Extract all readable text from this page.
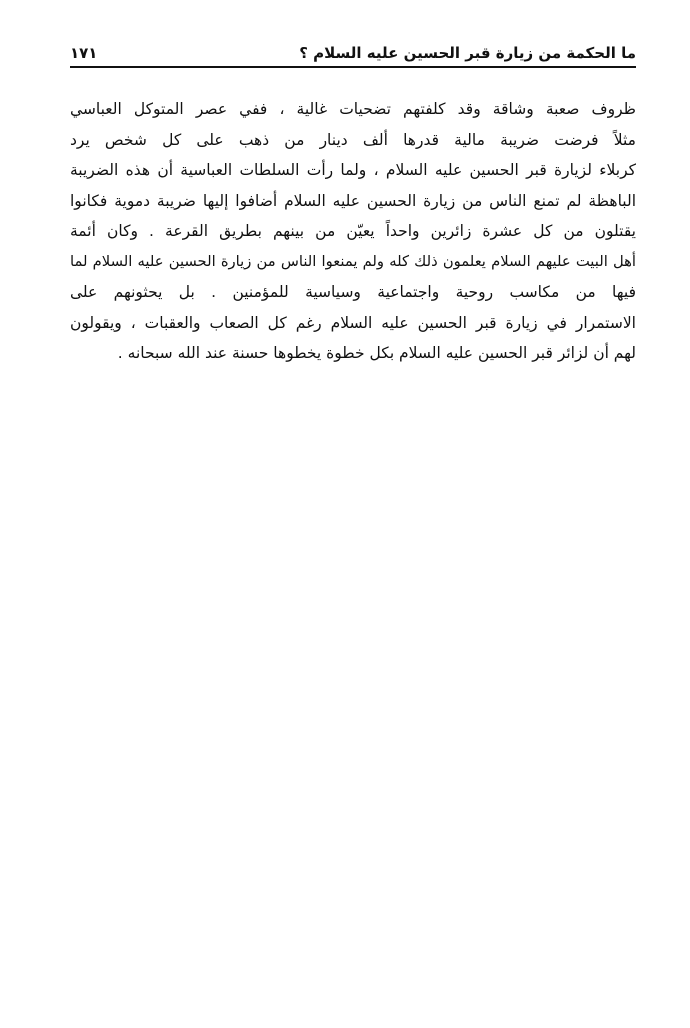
ما الحكمة من زيارة قبر الحسين عليه السلام ؟
١٧١
ظروف صعبة وشاقة وقد كلفتهم تضحيات غالية ، ففي عصر المتوكل العباسي
مثلاً فرضت ضريبة مالية قدرها ألف دينار من ذهب على كل شخص يرد
كربلاء لزيارة قبر الحسين عليه السلام ، ولما رأت السلطات العباسية أن هذه الضريبة
الباهظة لم تمنع الناس من زيارة الحسين عليه السلام أضافوا إليها ضريبة دموية فكانوا
يقتلون من كل عشرة زائرين واحداً يعيّن من بينهم بطريق القرعة . وكان أئمة
أهل البيت عليهم السلام يعلمون ذلك كله ولم يمنعوا الناس من زيارة الحسين عليه السلام لما
فيها من مكاسب روحية واجتماعية وسياسية للمؤمنين . بل يحثونهم على
الاستمرار في زيارة قبر الحسين عليه السلام رغم كل الصعاب والعقبات ، ويقولون
لهم أن لزائر قبر الحسين عليه السلام بكل خطوة يخطوها حسنة عند الله سبحانه .
